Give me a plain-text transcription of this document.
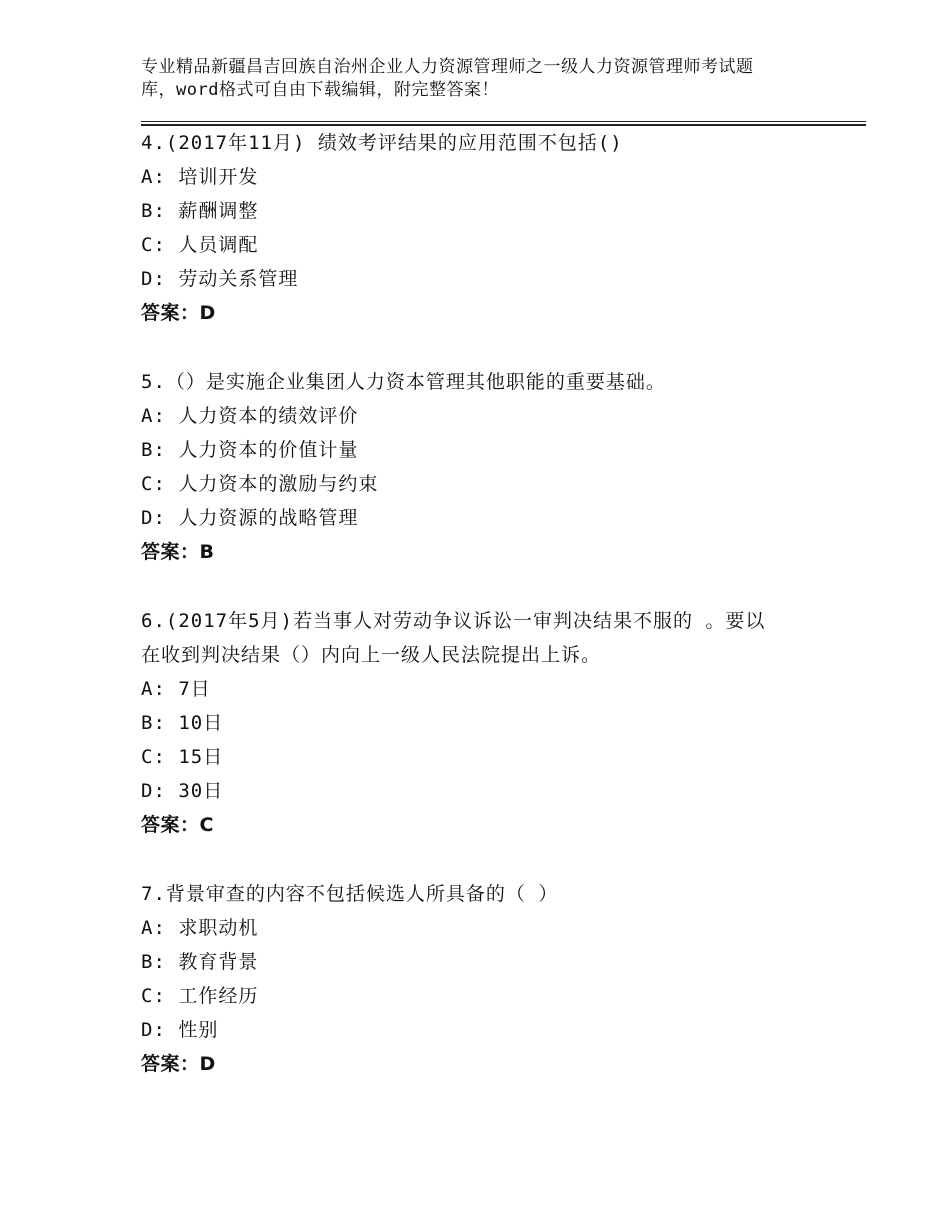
专业精品新疆昌吉回族自治州企业人力资源管理师之一级人力资源管理师考试题
库，word格式可自由下载编辑，附完整答案！
4.(2017年11月) 绩效考评结果的应用范围不包括()
A: 培训开发
B: 薪酬调整
C: 人员调配
D: 劳动关系管理
答案：D
5.（）是实施企业集团人力资本管理其他职能的重要基础。
A: 人力资本的绩效评价
B: 人力资本的价值计量
C: 人力资本的激励与约束
D: 人力资源的战略管理
答案：B
6.(2017年5月)若当事人对劳动争议诉讼一审判决结果不服的 。要以
在收到判决结果（）内向上一级人民法院提出上诉。
A: 7日
B: 10日
C: 15日
D: 30日
答案：C
7.背景审查的内容不包括候选人所具备的（ ）
A: 求职动机
B: 教育背景
C: 工作经历
D: 性别
答案：D
